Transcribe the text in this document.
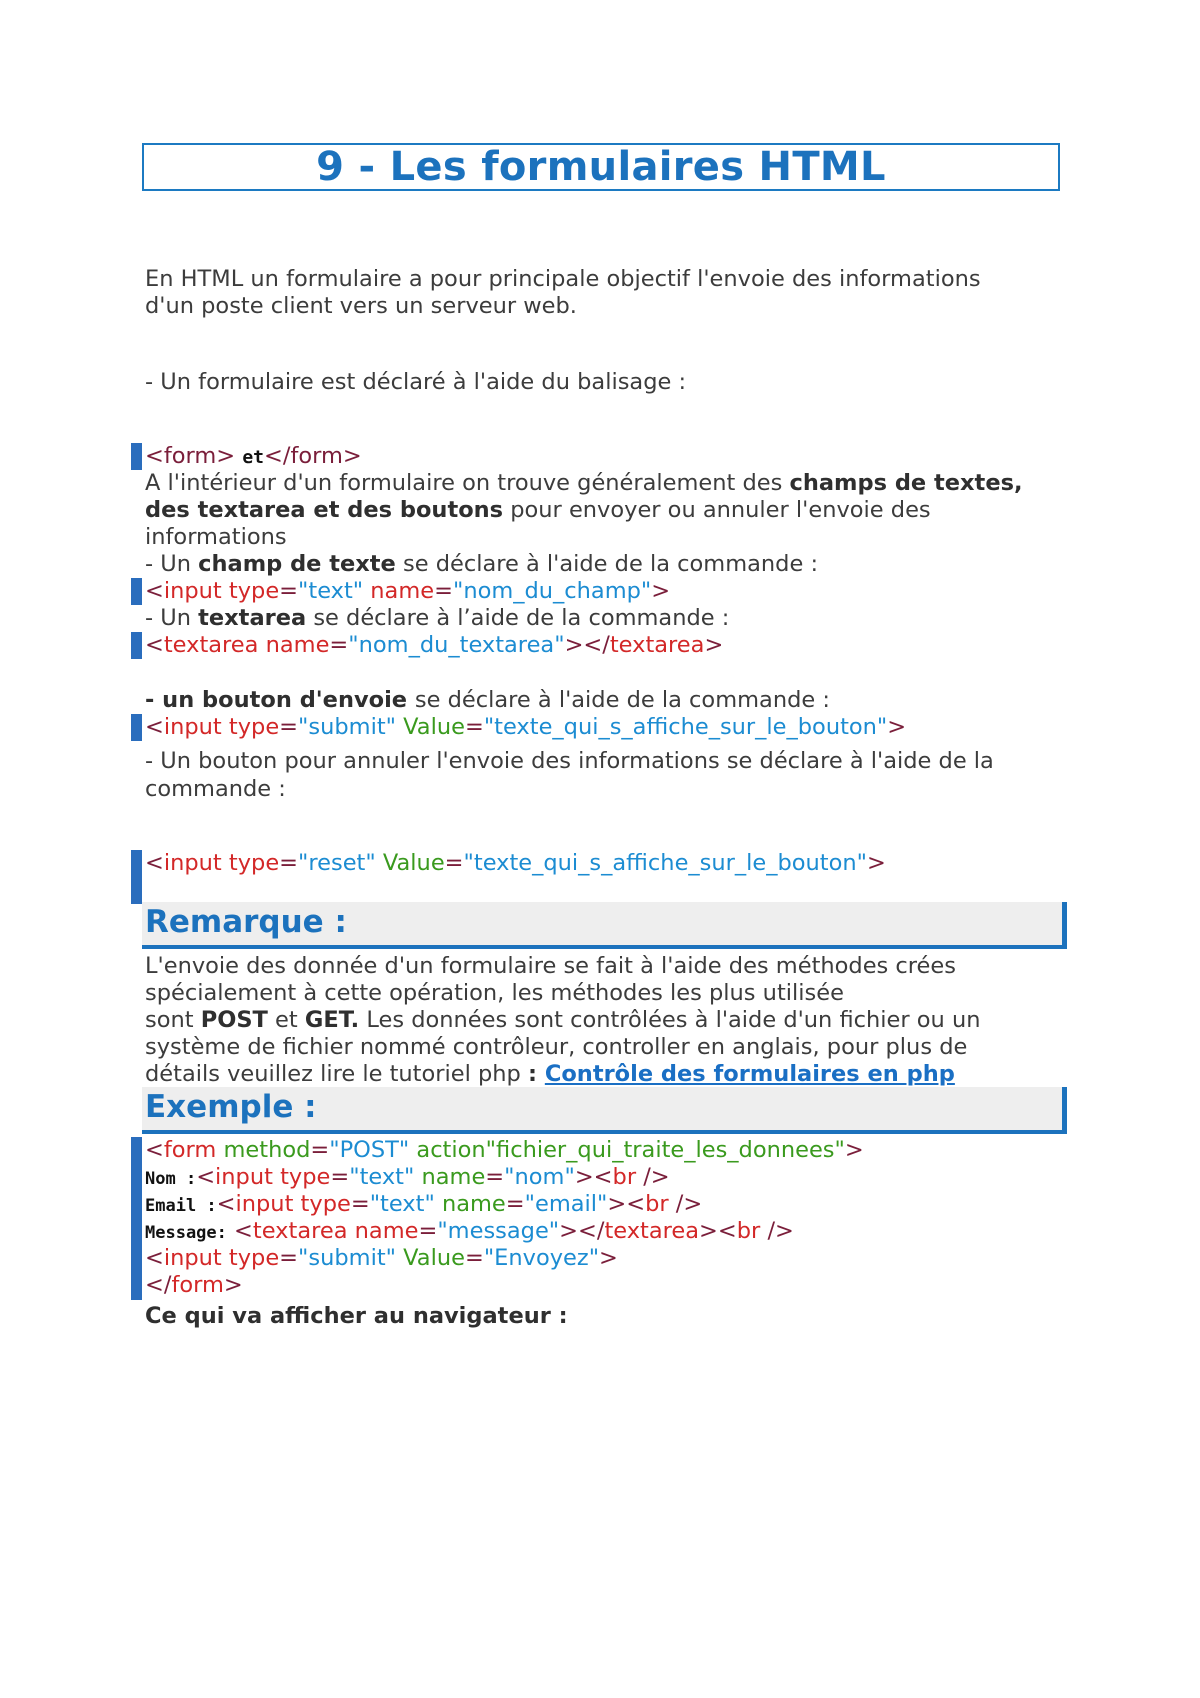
9 - Les formulaires HTML
En HTML un formulaire a pour principale objectif l'envoie des informations
d'un poste client vers un serveur web.
- Un formulaire est déclaré à l'aide du balisage :
<form> et</form>
A l'intérieur d'un formulaire on trouve généralement des champs de textes,
des textarea et des boutons pour envoyer ou annuler l'envoie des
informations
- Un champ de texte se déclare à l'aide de la commande :
<input type="text" name="nom_du_champ">
- Un textarea se déclare à l’aide de la commande :
<textarea name="nom_du_textarea"></textarea>
- un bouton d'envoie se déclare à l'aide de la commande :
<input type="submit" Value="texte_qui_s_affiche_sur_le_bouton">
- Un bouton pour annuler l'envoie des informations se déclare à l'aide de la
commande :
<input type="reset" Value="texte_qui_s_affiche_sur_le_bouton">
Remarque :
L'envoie des donnée d'un formulaire se fait à l'aide des méthodes crées
spécialement à cette opération, les méthodes les plus utilisée
sont POST et GET. Les données sont contrôlées à l'aide d'un fichier ou un
système de fichier nommé contrôleur, controller en anglais, pour plus de
détails veuillez lire le tutoriel php : Contrôle des formulaires en php
Exemple :
<form method="POST" action"fichier_qui_traite_les_donnees">
Nom :<input type="text" name="nom"><br />
Email :<input type="text" name="email"><br />
Message: <textarea name="message"></textarea><br />
<input type="submit" Value="Envoyez">
</form>
Ce qui va afficher au navigateur :
